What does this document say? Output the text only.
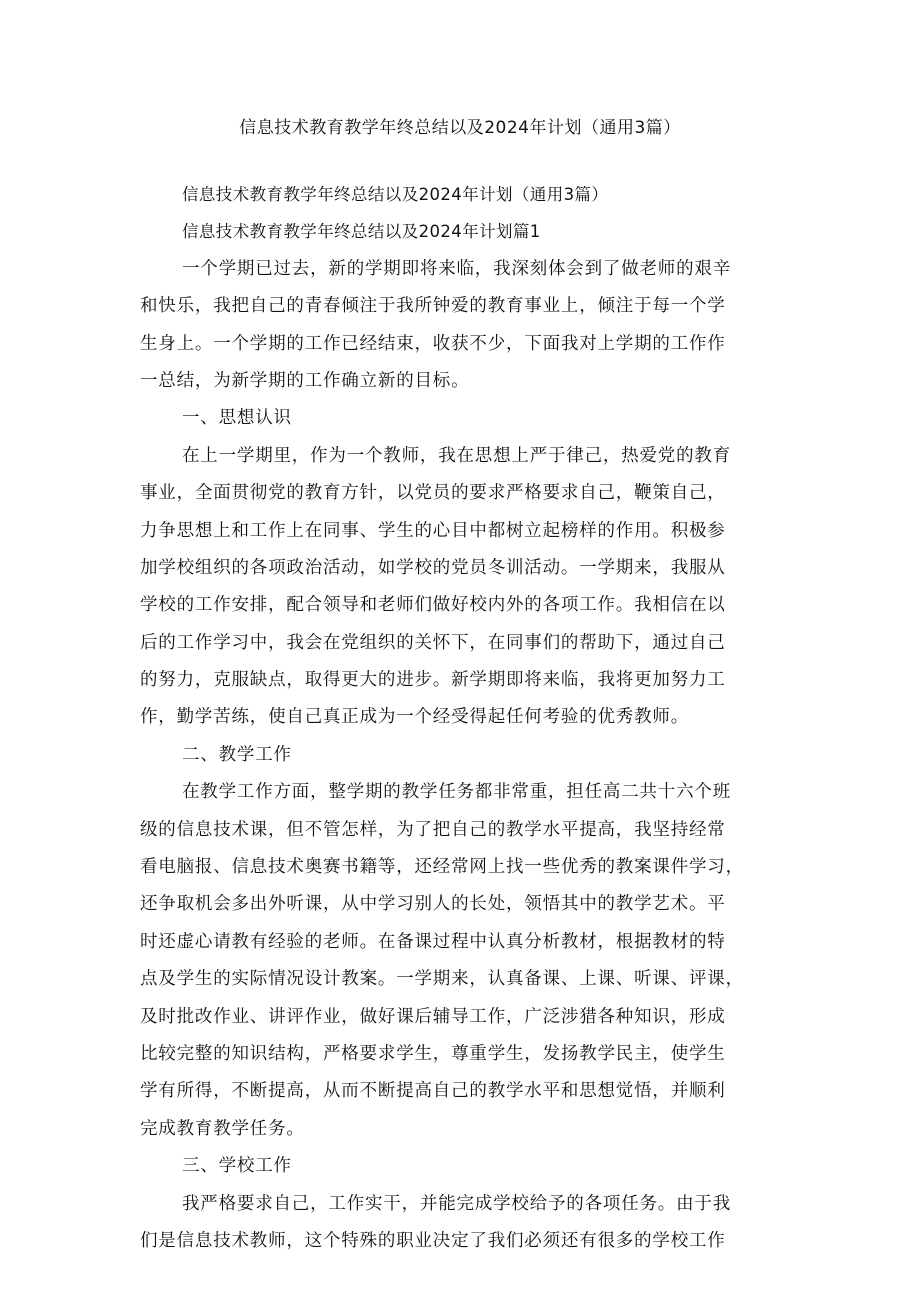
信息技术教育教学年终总结以及2024年计划（通用3篇）

信息技术教育教学年终总结以及2024年计划（通用3篇）

信息技术教育教学年终总结以及2024年计划篇1

一个学期已过去，新的学期即将来临，我深刻体会到了做老师的艰辛

和快乐，我把自己的青春倾注于我所钟爱的教育事业上，倾注于每一个学

生身上。一个学期的工作已经结束，收获不少，下面我对上学期的工作作

一总结，为新学期的工作确立新的目标。

一、思想认识

在上一学期里，作为一个教师，我在思想上严于律己，热爱党的教育

事业，全面贯彻党的教育方针，以党员的要求严格要求自己，鞭策自己，

力争思想上和工作上在同事、学生的心目中都树立起榜样的作用。积极参

加学校组织的各项政治活动，如学校的党员冬训活动。一学期来，我服从

学校的工作安排，配合领导和老师们做好校内外的各项工作。我相信在以

后的工作学习中，我会在党组织的关怀下，在同事们的帮助下，通过自己

的努力，克服缺点，取得更大的进步。新学期即将来临，我将更加努力工

作，勤学苦练，使自己真正成为一个经受得起任何考验的优秀教师。

二、教学工作

在教学工作方面，整学期的教学任务都非常重，担任高二共十六个班

级的信息技术课，但不管怎样，为了把自己的教学水平提高，我坚持经常

看电脑报、信息技术奥赛书籍等，还经常网上找一些优秀的教案课件学习，

还争取机会多出外听课，从中学习别人的长处，领悟其中的教学艺术。平

时还虚心请教有经验的老师。在备课过程中认真分析教材，根据教材的特

点及学生的实际情况设计教案。一学期来，认真备课、上课、听课、评课，

及时批改作业、讲评作业，做好课后辅导工作，广泛涉猎各种知识，形成

比较完整的知识结构，严格要求学生，尊重学生，发扬教学民主，使学生

学有所得，不断提高，从而不断提高自己的教学水平和思想觉悟，并顺利

完成教育教学任务。

三、学校工作

我严格要求自己，工作实干，并能完成学校给予的各项任务。由于我

们是信息技术教师，这个特殊的职业决定了我们必须还有很多的学校工作
